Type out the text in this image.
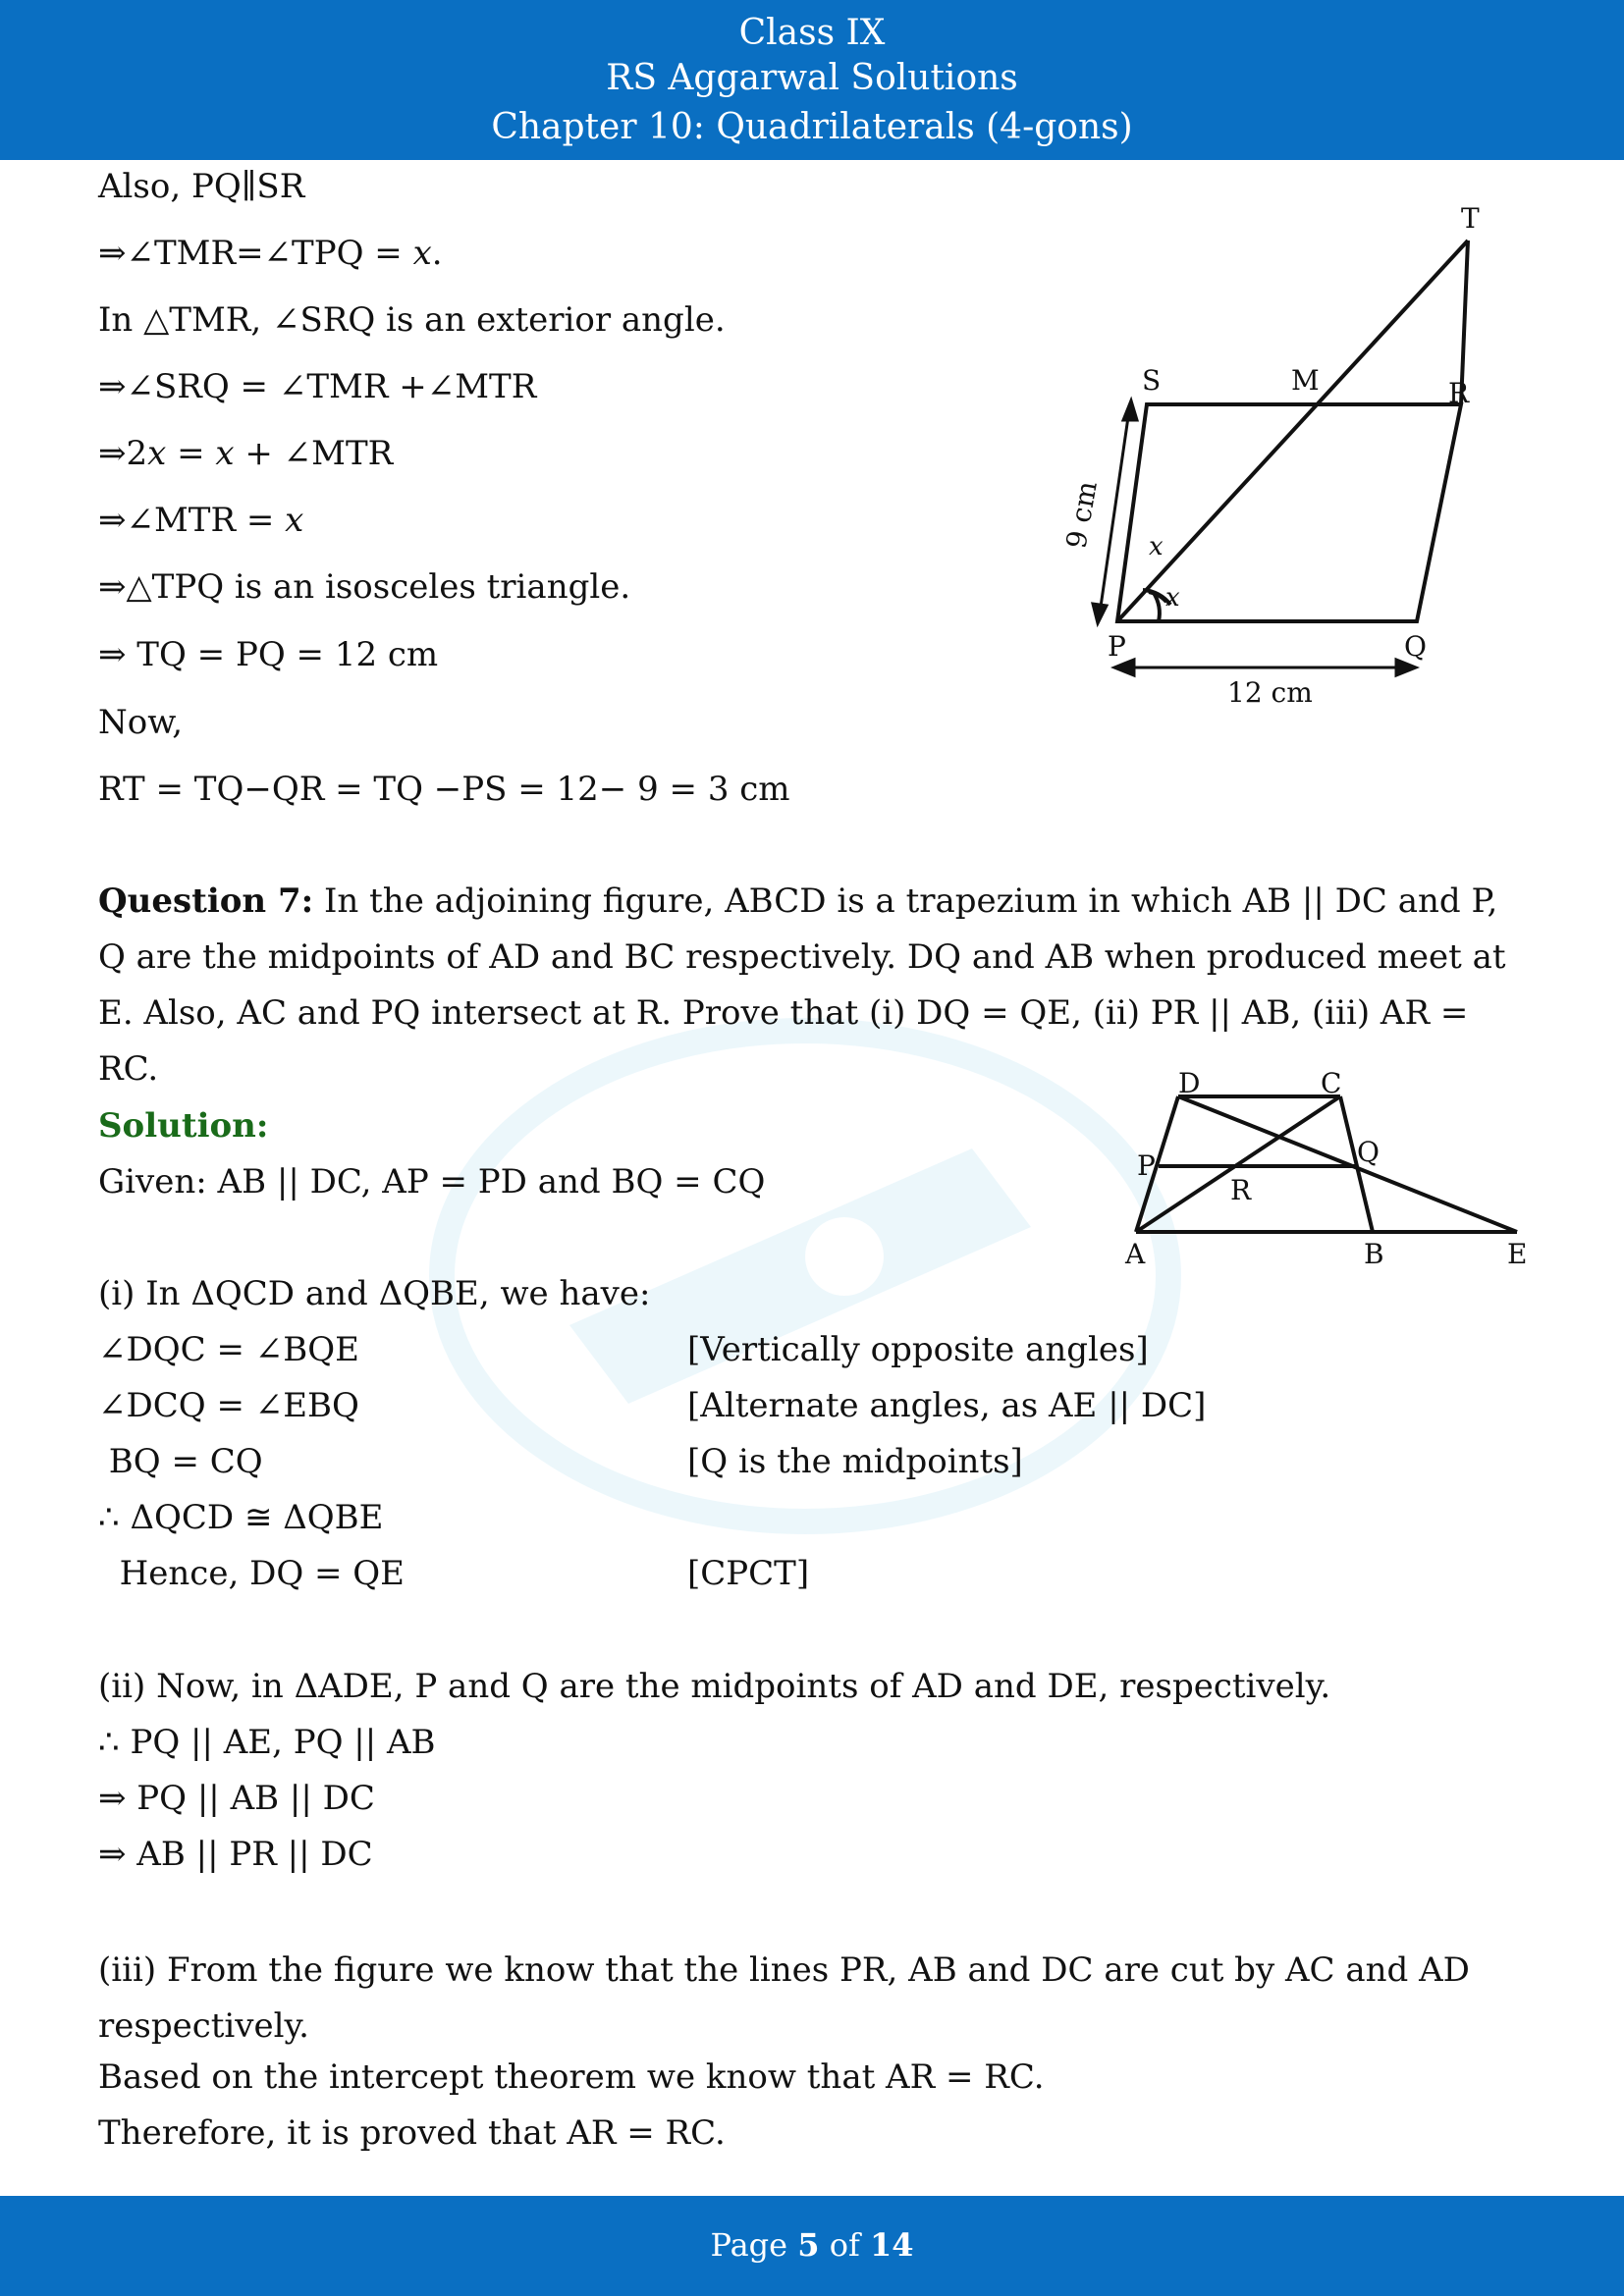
Class IX
RS Aggarwal Solutions
Chapter 10: Quadrilaterals (4-gons)
Also, PQ∥SR
⇒∠TMR=∠TPQ = 𝑥.
In △TMR, ∠SRQ is an exterior angle.
⇒∠SRQ = ∠TMR +∠MTR
⇒2𝑥 = 𝑥 + ∠MTR
⇒∠MTR = 𝑥
⇒△TPQ is an isosceles triangle.
⇒ TQ = PQ = 12 cm
Now,
RT = TQ−QR = TQ −PS = 12− 9 = 3 cm
T
S	M	R
P	Q
x
x
9 cm
12 cm
Question 7: In the adjoining figure, ABCD is a trapezium in which AB || DC and P, Q are the midpoints of AD and BC respectively. DQ and AB when produced meet at E. Also, AC and PQ intersect at R. Prove that (i) DQ = QE, (ii) PR || AB, (iii) AR = RC.
Solution:
Given: AB || DC, AP = PD and BQ = CQ
D	C
P	Q
R
A	B	E
(i) In ΔQCD and ΔQBE, we have:
∠DQC = ∠BQE	[Vertically opposite angles]
∠DCQ = ∠EBQ	[Alternate angles, as AE || DC]
BQ = CQ	[Q is the midpoints]
∴ ΔQCD ≅ ΔQBE
Hence, DQ = QE	[CPCT]
(ii) Now, in ΔADE, P and Q are the midpoints of AD and DE, respectively.
∴ PQ || AE, PQ || AB
⇒ PQ || AB || DC
⇒ AB || PR || DC
(iii) From the figure we know that the lines PR, AB and DC are cut by AC and AD respectively.
Based on the intercept theorem we know that AR = RC.
Therefore, it is proved that AR = RC.
Page 5 of 14
